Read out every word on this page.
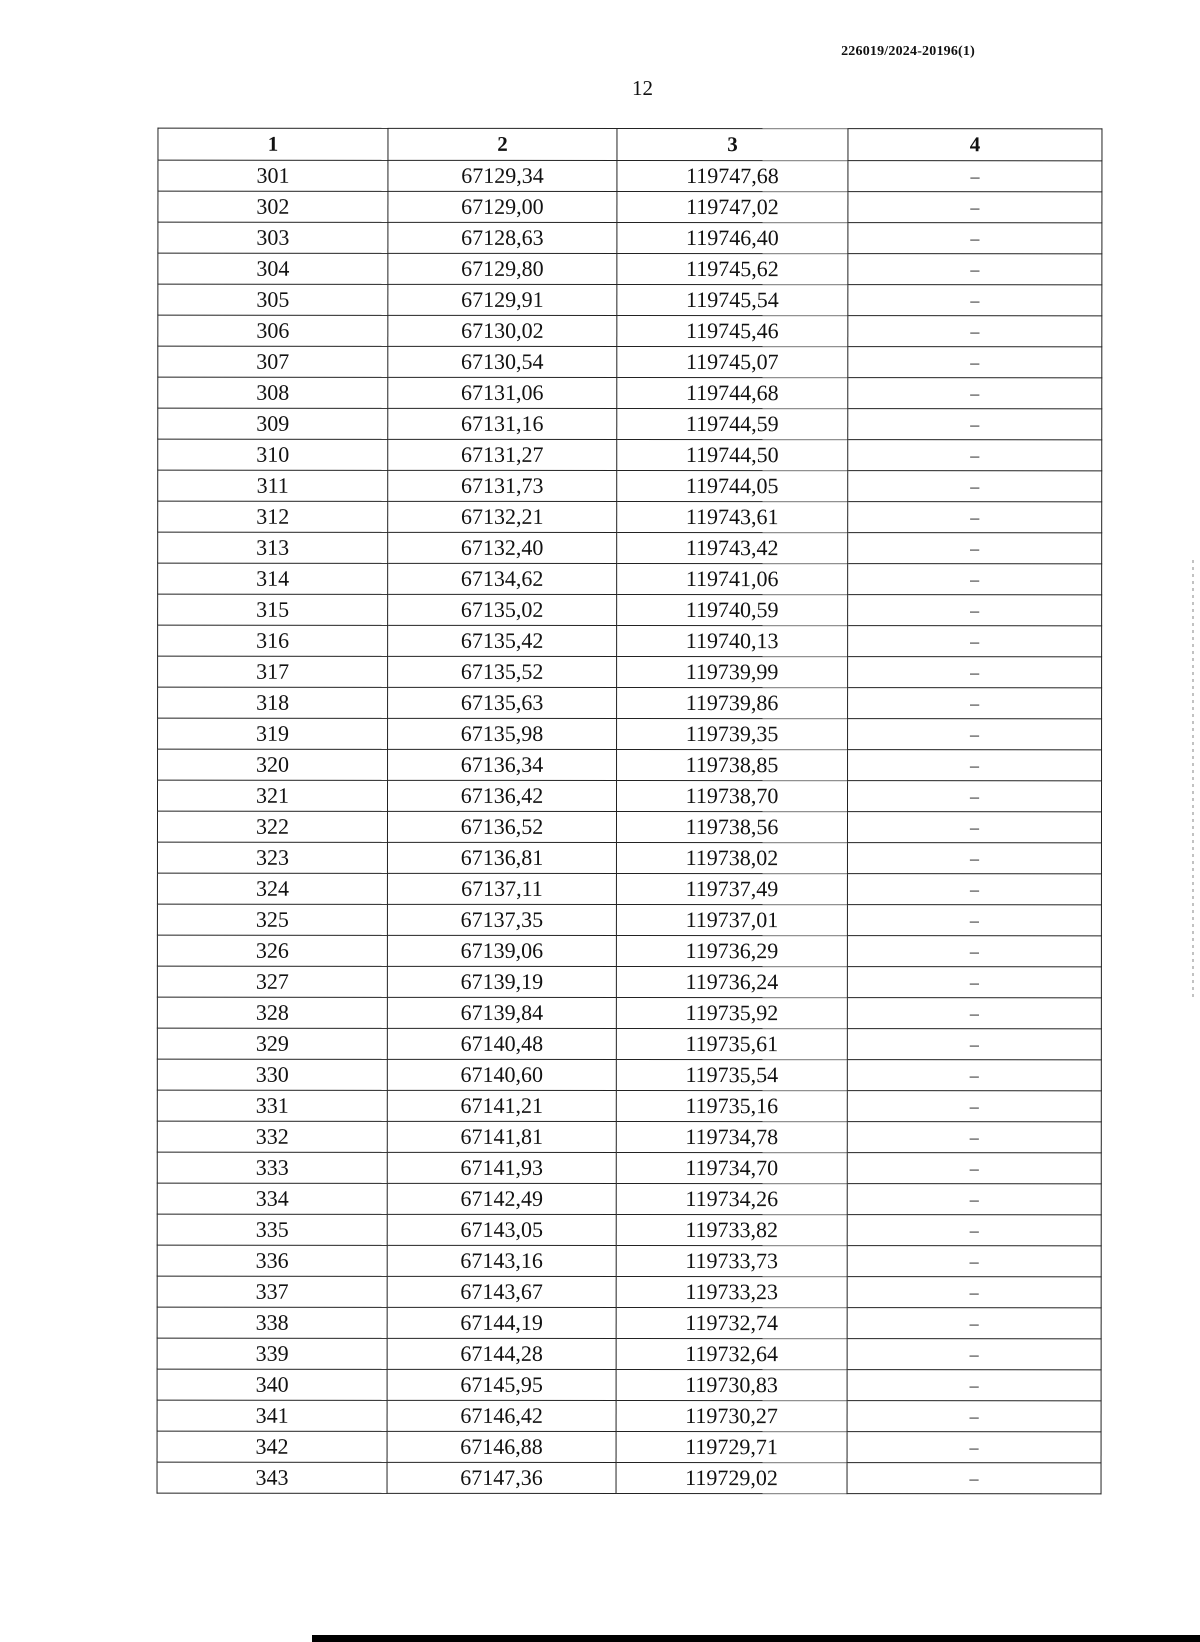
226019/2024-20196(1)
12
1	2	3	4
301	67129,34	119747,68	–
302	67129,00	119747,02	–
303	67128,63	119746,40	–
304	67129,80	119745,62	–
305	67129,91	119745,54	–
306	67130,02	119745,46	–
307	67130,54	119745,07	–
308	67131,06	119744,68	–
309	67131,16	119744,59	–
310	67131,27	119744,50	–
311	67131,73	119744,05	–
312	67132,21	119743,61	–
313	67132,40	119743,42	–
314	67134,62	119741,06	–
315	67135,02	119740,59	–
316	67135,42	119740,13	–
317	67135,52	119739,99	–
318	67135,63	119739,86	–
319	67135,98	119739,35	–
320	67136,34	119738,85	–
321	67136,42	119738,70	–
322	67136,52	119738,56	–
323	67136,81	119738,02	–
324	67137,11	119737,49	–
325	67137,35	119737,01	–
326	67139,06	119736,29	–
327	67139,19	119736,24	–
328	67139,84	119735,92	–
329	67140,48	119735,61	–
330	67140,60	119735,54	–
331	67141,21	119735,16	–
332	67141,81	119734,78	–
333	67141,93	119734,70	–
334	67142,49	119734,26	–
335	67143,05	119733,82	–
336	67143,16	119733,73	–
337	67143,67	119733,23	–
338	67144,19	119732,74	–
339	67144,28	119732,64	–
340	67145,95	119730,83	–
341	67146,42	119730,27	–
342	67146,88	119729,71	–
343	67147,36	119729,02	–
